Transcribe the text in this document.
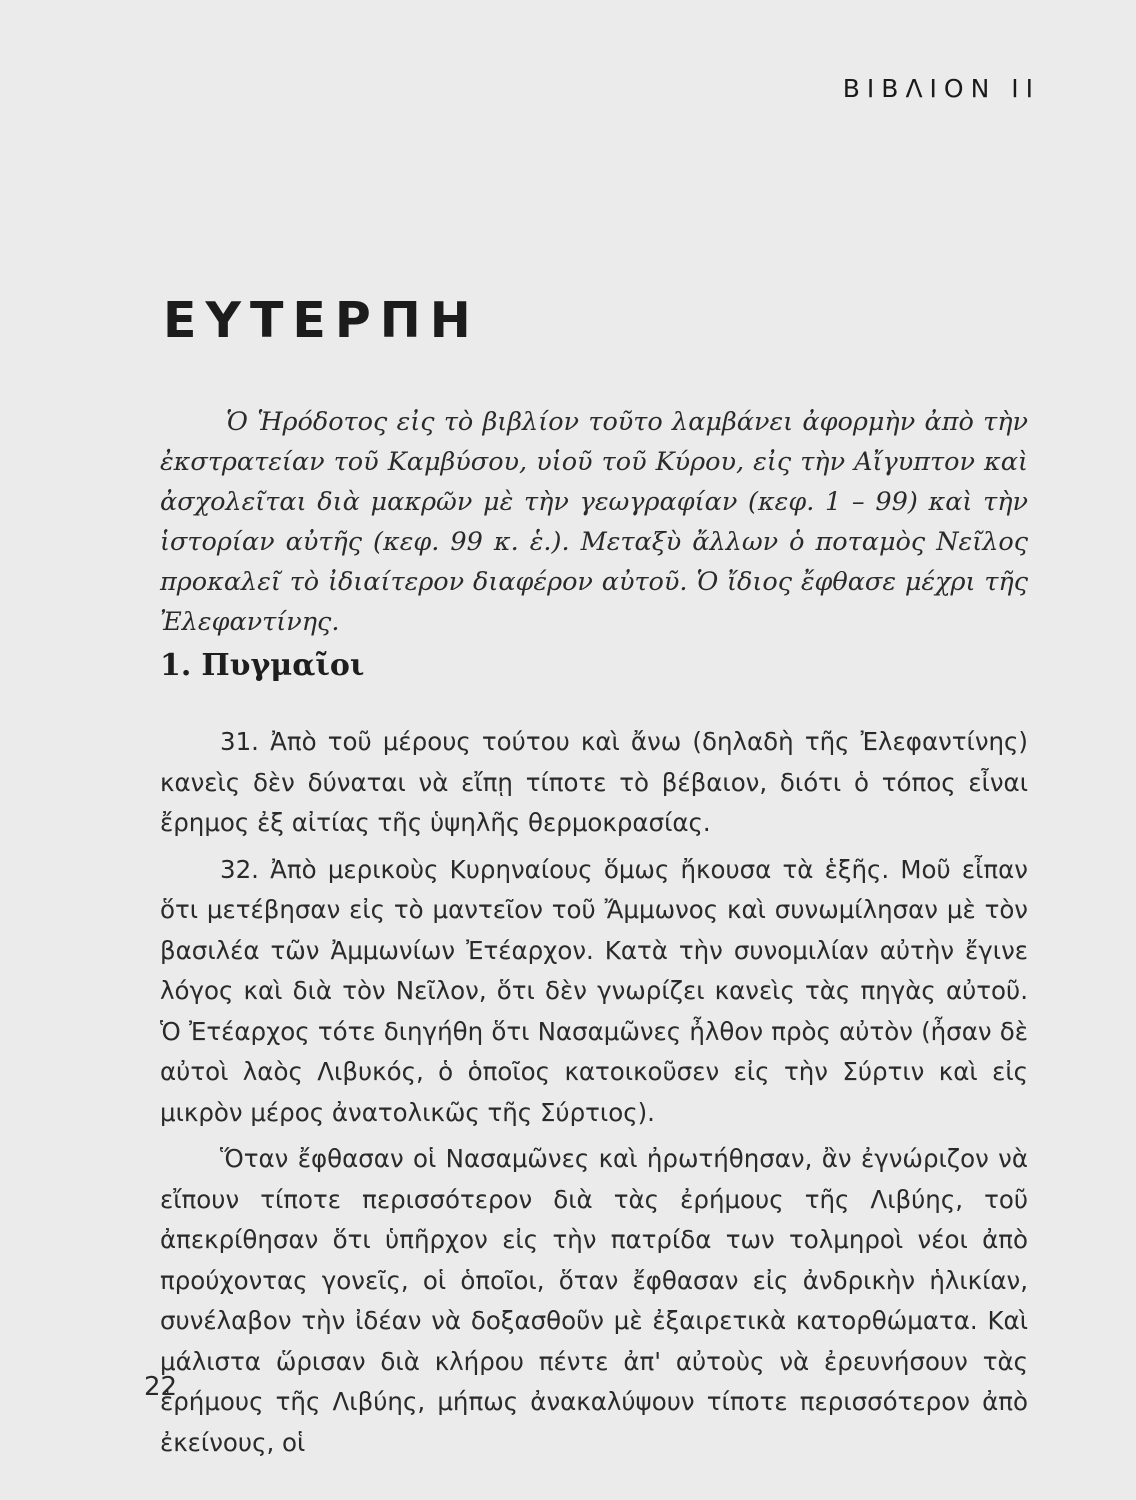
ΒΙΒΛΙΟΝ ΙΙ
ΕΥΤΕΡΠΗ

Ὁ Ἡρόδοτος εἰς τὸ βιβλίον τοῦτο λαμβάνει ἀφορμὴν ἀπὸ τὴν ἐκστρατείαν τοῦ Καμβύσου, υἱοῦ τοῦ Κύρου, εἰς τὴν Αἴγυπτον καὶ ἀσχολεῖται διὰ μακρῶν μὲ τὴν γεωγραφίαν (κεφ. 1 – 99) καὶ τὴν ἱστορίαν αὐτῆς (κεφ. 99 κ. ἑ.). Μεταξὺ ἄλλων ὁ ποταμὸς Νεῖλος προκαλεῖ τὸ ἰδιαίτερον διαφέρον αὐτοῦ. Ὁ ἴδιος ἔφθασε μέχρι τῆς Ἐλεφαντίνης.

1. Πυγμαῖοι

31. Ἀπὸ τοῦ μέρους τούτου καὶ ἄνω (δηλαδὴ τῆς Ἐλεφαντίνης) κανεὶς δὲν δύναται νὰ εἴπῃ τίποτε τὸ βέβαιον, διότι ὁ τόπος εἶναι ἔρημος ἐξ αἰτίας τῆς ὑψηλῆς θερμοκρασίας.

32. Ἀπὸ μερικοὺς Κυρηναίους ὅμως ἤκουσα τὰ ἑξῆς. Μοῦ εἶπαν ὅτι μετέβησαν εἰς τὸ μαντεῖον τοῦ Ἄμμωνος καὶ συνωμίλησαν μὲ τὸν βασιλέα τῶν Ἀμμωνίων Ἐτέαρχον. Κατὰ τὴν συνομιλίαν αὐτὴν ἔγινε λόγος καὶ διὰ τὸν Νεῖλον, ὅτι δὲν γνωρίζει κανεὶς τὰς πηγὰς αὐτοῦ. Ὁ Ἐτέαρχος τότε διηγήθη ὅτι Νασαμῶνες ἦλθον πρὸς αὐτὸν (ἦσαν δὲ αὐτοὶ λαὸς Λιβυκός, ὁ ὁποῖος κατοικοῦσεν εἰς τὴν Σύρτιν καὶ εἰς μικρὸν μέρος ἀνατολικῶς τῆς Σύρτιος).

Ὅταν ἔφθασαν οἱ Νασαμῶνες καὶ ἠρωτήθησαν, ἂν ἐγνώριζον νὰ εἴπουν τίποτε περισσότερον διὰ τὰς ἐρήμους τῆς Λιβύης, τοῦ ἀπεκρίθησαν ὅτι ὑπῆρχον εἰς τὴν πατρίδα των τολμηροὶ νέοι ἀπὸ προύχοντας γονεῖς, οἱ ὁποῖοι, ὅταν ἔφθασαν εἰς ἀνδρικὴν ἡλικίαν, συνέλαβον τὴν ἰδέαν νὰ δοξασθοῦν μὲ ἐξαιρετικὰ κατορθώματα. Καὶ μάλιστα ὥρισαν διὰ κλήρου πέντε ἀπ' αὐτοὺς νὰ ἐρευνήσουν τὰς ἐρήμους τῆς Λιβύης, μήπως ἀνακαλύψουν τίποτε περισσότερον ἀπὸ ἐκείνους, οἱ

22
